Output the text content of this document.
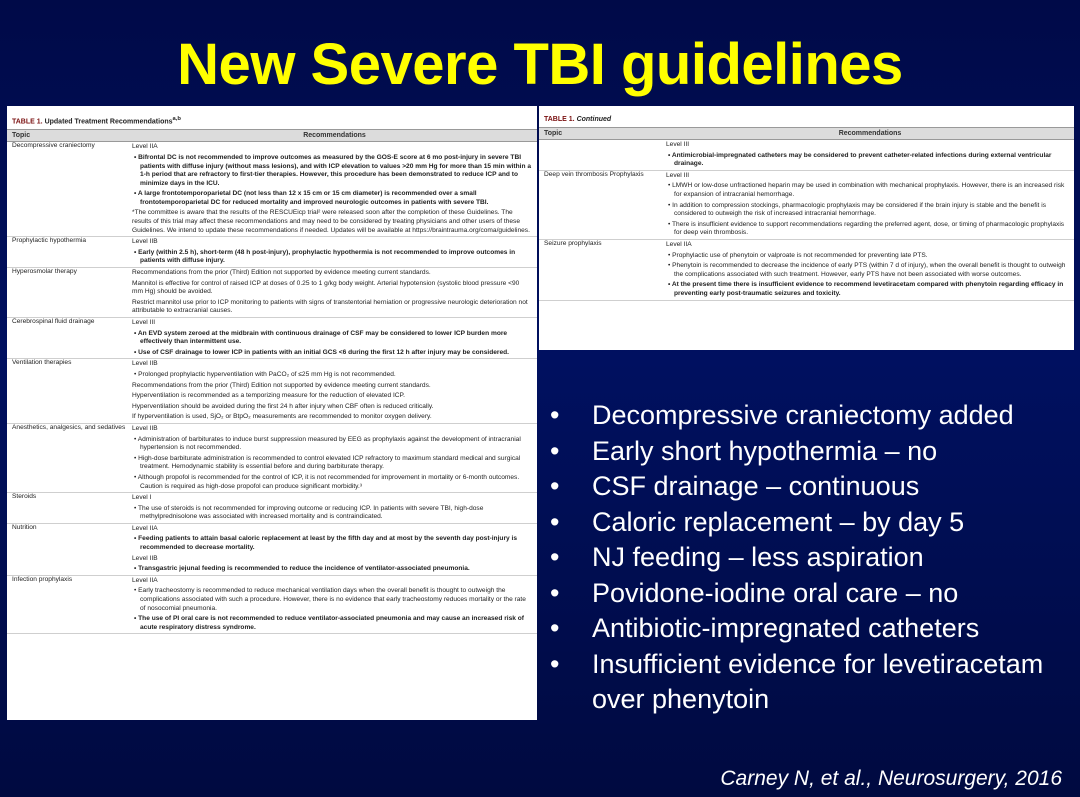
New Severe TBI guidelines
TABLE 1. Updated Treatment Recommendations$^{a,b}$
Topic	Recommendations
Decompressive craniectomy	Level IIA
• Bifrontal DC is not recommended to improve outcomes as measured by the GOS-E score at 6 mo post-injury in severe TBI patients with diffuse injury (without mass lesions), and with ICP elevation to values >20 mm Hg for more than 15 min within a 1-h period that are refractory to first-tier therapies. However, this procedure has been demonstrated to reduce ICP and to minimize days in the ICU.
• A large frontotemporoparietal DC (not less than 12 x 15 cm or 15 cm diameter) is recommended over a small frontotemporoparietal DC for reduced mortality and improved neurologic outcomes in patients with severe TBI.
*The committee is aware that the results of the RESCUEicp trial² were released soon after the completion of these Guidelines. The results of this trial may affect these recommendations and may need to be considered by treating physicians and other users of these Guidelines. We intend to update these recommendations if needed. Updates will be available at https://braintrauma.org/coma/guidelines.
Prophylactic hypothermia	Level IIB
• Early (within 2.5 h), short-term (48 h post-injury), prophylactic hypothermia is not recommended to improve outcomes in patients with diffuse injury.
Hyperosmolar therapy	Recommendations from the prior (Third) Edition not supported by evidence meeting current standards.
Mannitol is effective for control of raised ICP at doses of 0.25 to 1 g/kg body weight. Arterial hypotension (systolic blood pressure <90 mm Hg) should be avoided.
Restrict mannitol use prior to ICP monitoring to patients with signs of transtentorial herniation or progressive neurologic deterioration not attributable to extracranial causes.
Cerebrospinal fluid drainage	Level III
• An EVD system zeroed at the midbrain with continuous drainage of CSF may be considered to lower ICP burden more effectively than intermittent use.
• Use of CSF drainage to lower ICP in patients with an initial GCS <6 during the first 12 h after injury may be considered.
Ventilation therapies	Level IIB
• Prolonged prophylactic hyperventilation with PaCO₂ of ≤25 mm Hg is not recommended.
Recommendations from the prior (Third) Edition not supported by evidence meeting current standards.
Hyperventilation is recommended as a temporizing measure for the reduction of elevated ICP.
Hyperventilation should be avoided during the first 24 h after injury when CBF often is reduced critically.
If hyperventilation is used, SjO₂ or BtpO₂ measurements are recommended to monitor oxygen delivery.
Anesthetics, analgesics, and sedatives	Level IIB
• Administration of barbiturates to induce burst suppression measured by EEG as prophylaxis against the development of intracranial hypertension is not recommended.
• High-dose barbiturate administration is recommended to control elevated ICP refractory to maximum standard medical and surgical treatment. Hemodynamic stability is essential before and during barbiturate therapy.
• Although propofol is recommended for the control of ICP, it is not recommended for improvement in mortality or 6-month outcomes. Caution is required as high-dose propofol can produce significant morbidity.³
Steroids	Level I
• The use of steroids is not recommended for improving outcome or reducing ICP. In patients with severe TBI, high-dose methylprednisolone was associated with increased mortality and is contraindicated.
Nutrition	Level IIA
• Feeding patients to attain basal caloric replacement at least by the fifth day and at most by the seventh day post-injury is recommended to decrease mortality.
Level IIB
• Transgastric jejunal feeding is recommended to reduce the incidence of ventilator-associated pneumonia.
Infection prophylaxis	Level IIA
• Early tracheostomy is recommended to reduce mechanical ventilation days when the overall benefit is thought to outweigh the complications associated with such a procedure. However, there is no evidence that early tracheostomy reduces mortality or the rate of nosocomial pneumonia.
• The use of PI oral care is not recommended to reduce ventilator-associated pneumonia and may cause an increased risk of acute respiratory distress syndrome.
TABLE 1. Continued
Topic	Recommendations
Level III
• Antimicrobial-impregnated catheters may be considered to prevent catheter-related infections during external ventricular drainage.
Deep vein thrombosis Prophylaxis	Level III
• LMWH or low-dose unfractioned heparin may be used in combination with mechanical prophylaxis. However, there is an increased risk for expansion of intracranial hemorrhage.
• In addition to compression stockings, pharmacologic prophylaxis may be considered if the brain injury is stable and the benefit is considered to outweigh the risk of increased intracranial hemorrhage.
• There is insufficient evidence to support recommendations regarding the preferred agent, dose, or timing of pharmacologic prophylaxis for deep vein thrombosis.
Seizure prophylaxis	Level IIA
• Prophylactic use of phenytoin or valproate is not recommended for preventing late PTS.
• Phenytoin is recommended to decrease the incidence of early PTS (within 7 d of injury), when the overall benefit is thought to outweigh the complications associated with such treatment. However, early PTS have not been associated with worse outcomes.
• At the present time there is insufficient evidence to recommend levetiracetam compared with phenytoin regarding efficacy in preventing early post-traumatic seizures and toxicity.
•	Decompressive craniectomy added
•	Early short hypothermia – no
•	CSF drainage – continuous
•	Caloric replacement – by day 5
•	NJ feeding – less aspiration
•	Povidone-iodine oral care – no
•	Antibiotic-impregnated catheters
•	Insufficient evidence for levetiracetam over phenytoin
Carney N, et al., Neurosurgery, 2016
